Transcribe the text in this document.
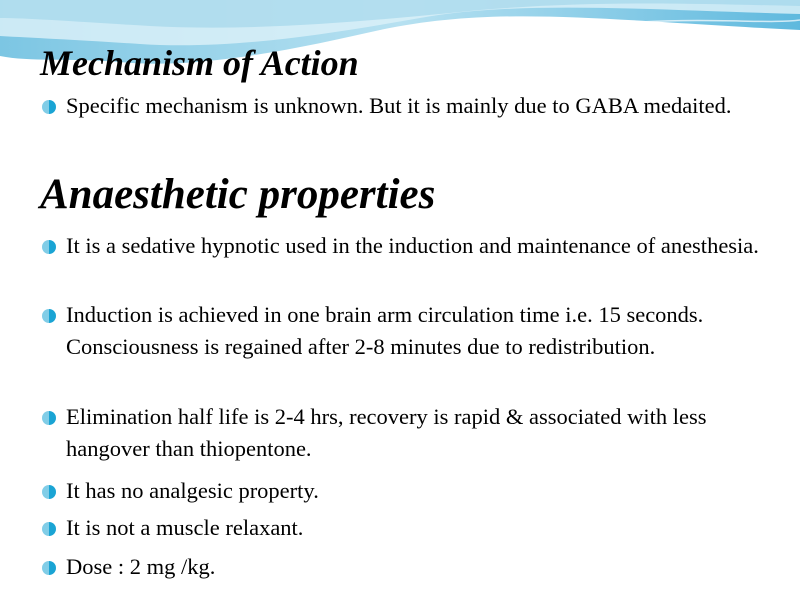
Mechanism of Action
Specific mechanism is unknown. But it is mainly due to GABA medaited.
Anaesthetic properties
It is a sedative hypnotic used in the induction and maintenance of anesthesia.
Induction is achieved in one brain arm circulation time i.e. 15 seconds. Consciousness is regained after 2-8 minutes due to redistribution.
Elimination half life is 2-4 hrs, recovery is rapid & associated with less hangover than thiopentone.
It has no analgesic property.
It is not a muscle relaxant.
Dose : 2 mg /kg.
